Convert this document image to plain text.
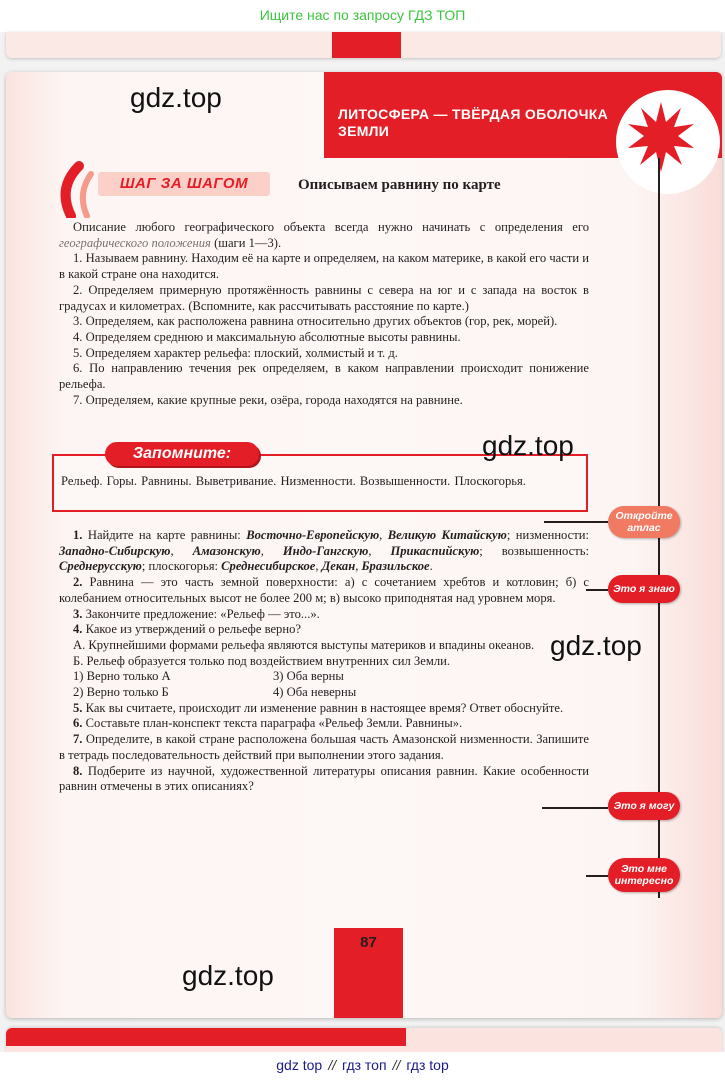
Ищите нас по запросу ГДЗ ТОП
ЛИТОСФЕРА — ТВЁРДАЯ ОБОЛОЧКА ЗЕМЛИ
ШАГ ЗА ШАГОМ	Описываем равнину по карте

Описание любого географического объекта всегда нужно начинать с определения его географического положения (шаги 1—3).

1. Называем равнину. Находим её на карте и определяем, на каком материке, в какой его части и в какой стране она находится.

2. Определяем примерную протяжённость равнины с севера на юг и с запада на восток в градусах и километрах. (Вспомните, как рассчитывать расстояние по карте.)

3. Определяем, как расположена равнина относительно других объектов (гор, рек, морей).

4. Определяем среднюю и максимальную абсолютные высоты равнины.

5. Определяем характер рельефа: плоский, холмистый и т. д.

6. По направлению течения рек определяем, в каком направлении происходит понижение рельефа.

7. Определяем, какие крупные реки, озёра, города находятся на равнине.

Запомните:
Рельеф. Горы. Равнины. Выветривание. Низменности. Возвышенности. Плоскогорья.

1. Найдите на карте равнины: Восточно-Европейскую, Великую Китайскую; низменности: Западно-Сибирскую, Амазонскую, Индо-Гангскую, Прикаспийскую; возвышенность: Среднерусскую; плоскогорья: Среднесибирское, Декан, Бразильское.

2. Равнина — это часть земной поверхности: а) с сочетанием хребтов и котловин; б) с колебанием относительных высот не более 200 м; в) высоко приподнятая над уровнем моря.

3. Закончите предложение: «Рельеф — это...».

4. Какое из утверждений о рельефе верно?

А. Крупнейшими формами рельефа являются выступы материков и впадины океанов.

Б. Рельеф образуется только под воздействием внутренних сил Земли.

1) Верно только А	3) Оба верны
2) Верно только Б	4) Оба неверны

5. Как вы считаете, происходит ли изменение равнин в настоящее время? Ответ обоснуйте.

6. Составьте план-конспект текста параграфа «Рельеф Земли. Равнины».

7. Определите, в какой стране расположена большая часть Амазонской низменности. Запишите в тетрадь последовательность действий при выполнении этого задания.

8. Подберите из научной, художественной литературы описания равнин. Какие особенности равнин отмечены в этих описаниях?

Откройте
атлас
Это я знаю
Это я могу
Это мне
интересно
87
gdz.top
gdz.top
gdz.top
gdz.top
gdz top // гдз топ // гдз top
